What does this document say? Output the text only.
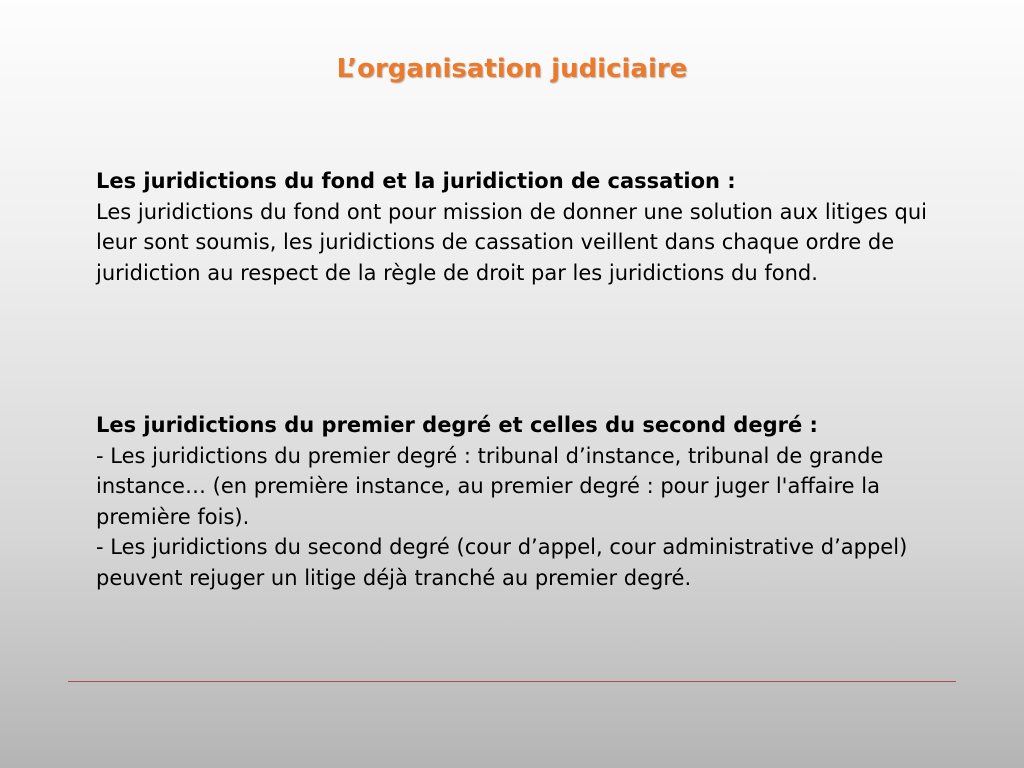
L’organisation judiciaire
Les juridictions du fond et la juridiction de cassation :
Les juridictions du fond ont pour mission de donner une solution aux litiges qui leur sont soumis, les juridictions de cassation veillent dans chaque ordre de juridiction au respect de la règle de droit par les juridictions du fond.
Les juridictions du premier degré et celles du second degré :
- Les juridictions du premier degré : tribunal d’instance, tribunal de grande instance… (en première instance, au premier degré : pour juger l'affaire la première fois).
- Les juridictions du second degré (cour d’appel, cour administrative d’appel) peuvent rejuger un litige déjà tranché au premier degré.
